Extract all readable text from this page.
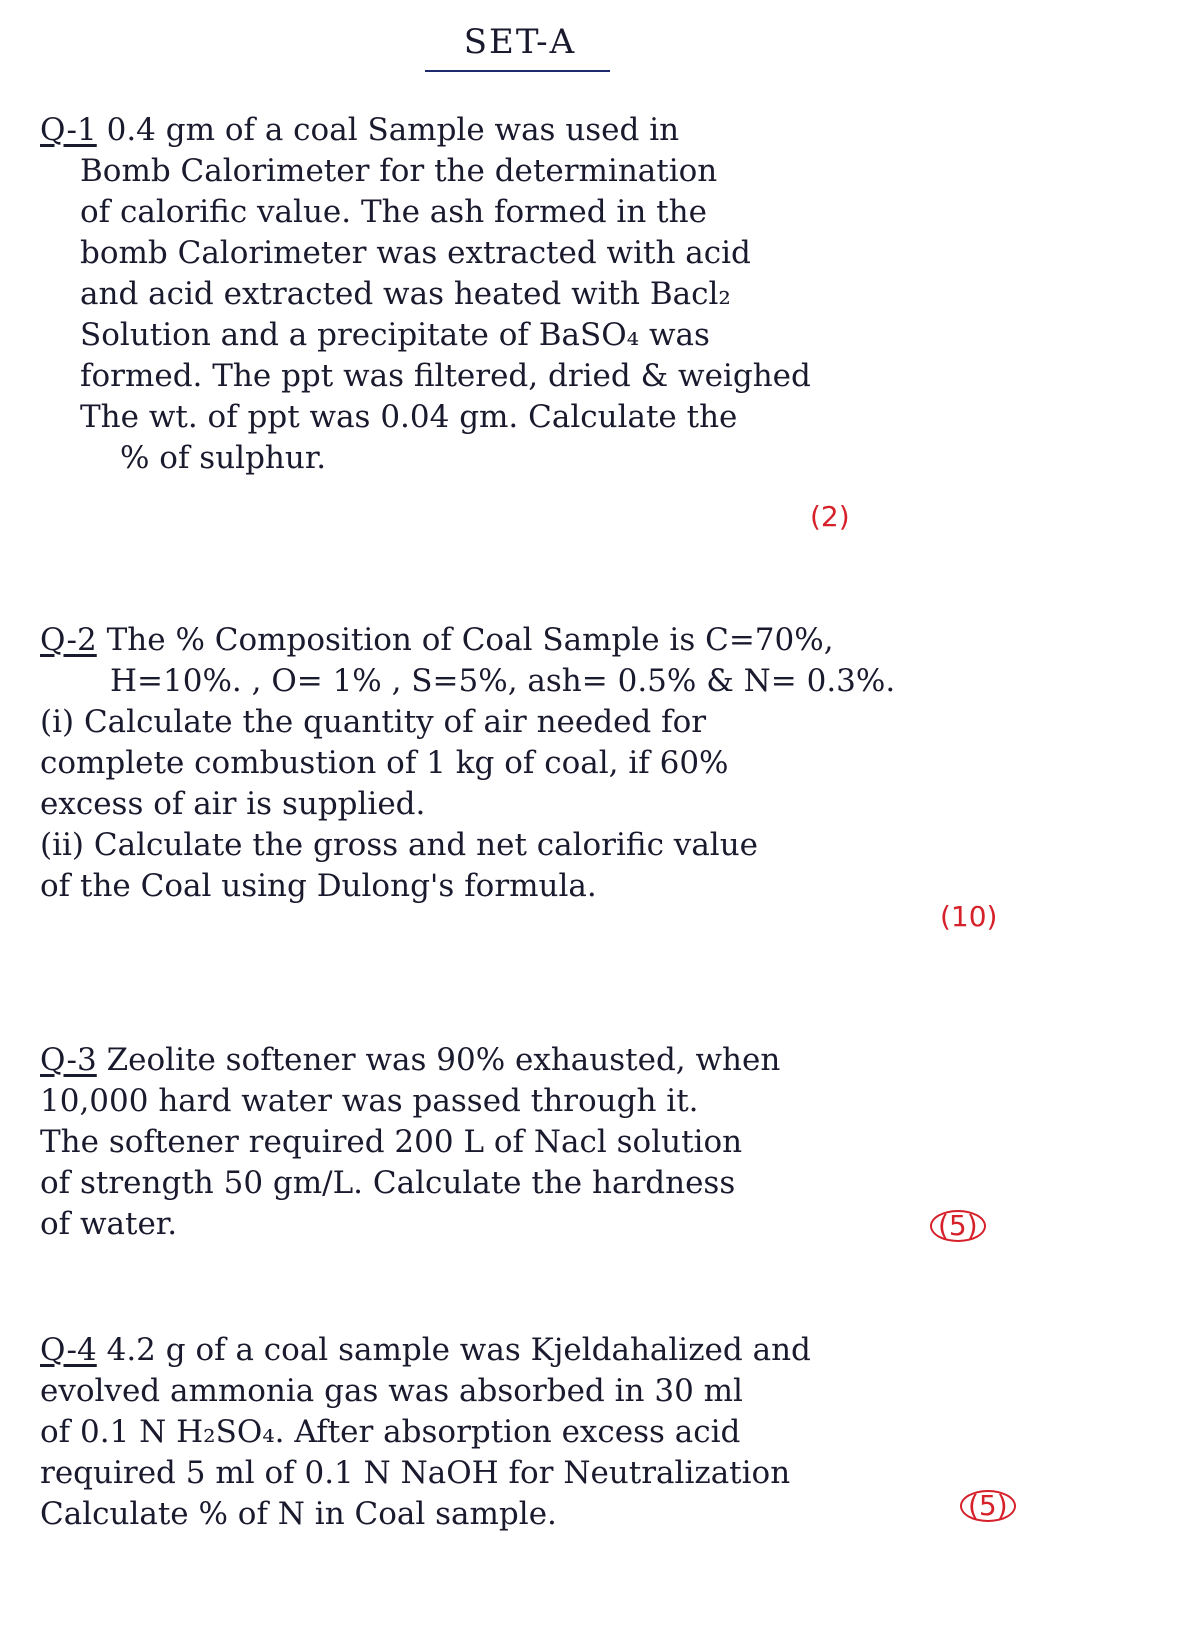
SET-A
Q-1 0.4 gm of a coal Sample was used in
Bomb Calorimeter for the determination
of calorific value. The ash formed in the
bomb Calorimeter was extracted with acid
and acid extracted was heated with Bacl₂
Solution and a precipitate of BaSO₄ was
formed. The ppt was filtered, dried & weighed
The wt. of ppt was 0.04 gm. Calculate the
% of sulphur.
(2)
Q-2 The % Composition of Coal Sample is C=70%,
H=10%. , O= 1% , S=5%, ash= 0.5% & N= 0.3%.
(i) Calculate the quantity of air needed for
complete combustion of 1 kg of coal, if 60%
excess of air is supplied.
(ii) Calculate the gross and net calorific value
of the Coal using Dulong's formula.
(10)
Q-3 Zeolite softener was 90% exhausted, when
10,000 hard water was passed through it.
The softener required 200 L of Nacl solution
of strength 50 gm/L. Calculate the hardness
of water.	(5)
Q-4 4.2 g of a coal sample was Kjeldahalized and
evolved ammonia gas was absorbed in 30 ml
of 0.1 N H₂SO₄. After absorption excess acid
required 5 ml of 0.1 N NaOH for Neutralization
Calculate % of N in Coal sample.	(5)
